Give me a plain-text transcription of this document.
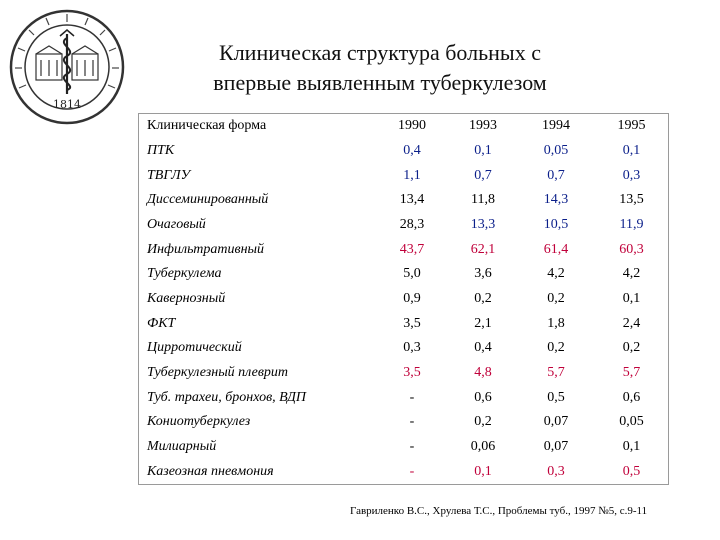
1814
Клиническая структура больных с
впервые выявленным туберкулезом
Клиническая форма	1990	1993	1994	1995
ПТК	0,4	0,1	0,05	0,1
ТВГЛУ	1,1	0,7	0,7	0,3
Диссеминированный	13,4	11,8	14,3	13,5
Очаговый	28,3	13,3	10,5	11,9
Инфильтративный	43,7	62,1	61,4	60,3
Туберкулема	5,0	3,6	4,2	4,2
Кавернозный	0,9	0,2	0,2	0,1
ФКТ	3,5	2,1	1,8	2,4
Цирротический	0,3	0,4	0,2	0,2
Туберкулезный плеврит	3,5	4,8	5,7	5,7
Туб. трахеи, бронхов, ВДП	-	0,6	0,5	0,6
Кониотуберкулез	-	0,2	0,07	0,05
Милиарный	-	0,06	0,07	0,1
Казеозная пневмония	-	0,1	0,3	0,5
Гавриленко В.С., Хрулева Т.С., Проблемы туб., 1997 №5, с.9-11
